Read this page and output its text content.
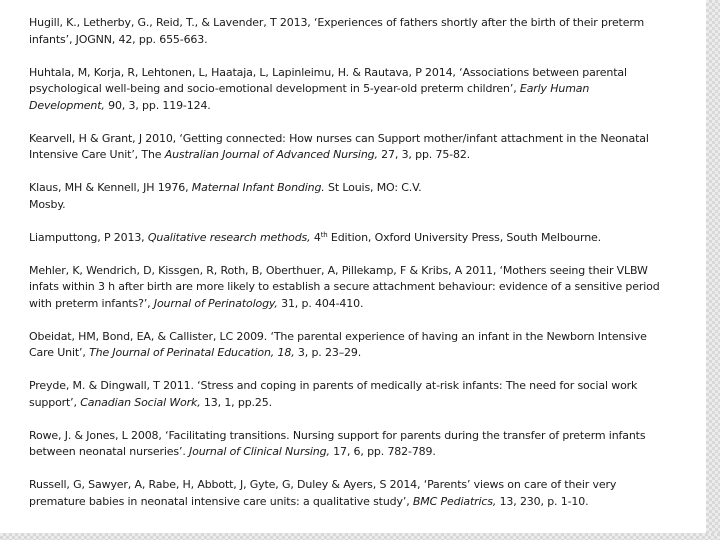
Hugill, K., Letherby, G., Reid, T., & Lavender, T 2013, ‘Experiences of fathers shortly after the birth of their preterm infants’, JOGNN, 42, pp. 655-663.

Huhtala, M, Korja, R, Lehtonen, L, Haataja, L, Lapinleimu, H. & Rautava, P 2014, ‘Associations between parental psychological well-being and socio-emotional development in 5-year-old preterm children’, Early Human Development, 90, 3, pp. 119-124.

Kearvell, H & Grant, J 2010, ‘Getting connected: How nurses can Support mother/infant attachment in the Neonatal Intensive Care Unit’, The Australian Journal of Advanced Nursing, 27, 3, pp. 75-82.

Klaus, MH & Kennell, JH 1976, Maternal Infant Bonding. St Louis, MO: C.V. Mosby.

Liamputtong, P 2013, Qualitative research methods, 4th Edition, Oxford University Press, South Melbourne.

Mehler, K, Wendrich, D, Kissgen, R, Roth, B, Oberthuer, A, Pillekamp, F & Kribs, A 2011, ‘Mothers seeing their VLBW infats within 3 h after birth are more likely to establish a secure attachment behaviour: evidence of a sensitive period with preterm infants?’, Journal of Perinatology, 31, p. 404-410.

Obeidat, HM, Bond, EA, & Callister, LC 2009. ‘The parental experience of having an infant in the Newborn Intensive Care Unit’, The Journal of Perinatal Education, 18, 3, p. 23–29.

Preyde, M. & Dingwall, T 2011. ‘Stress and coping in parents of medically at-risk infants: The need for social work support’, Canadian Social Work, 13, 1, pp.25.

Rowe, J. & Jones, L 2008, ‘Facilitating transitions. Nursing support for parents during the transfer of preterm infants between neonatal nurseries’. Journal of Clinical Nursing, 17, 6, pp. 782-789.

Russell, G, Sawyer, A, Rabe, H, Abbott, J, Gyte, G, Duley & Ayers, S 2014, ‘Parents’ views on care of their very premature babies in neonatal intensive care units: a qualitative study’, BMC Pediatrics, 13, 230, p. 1-10.
